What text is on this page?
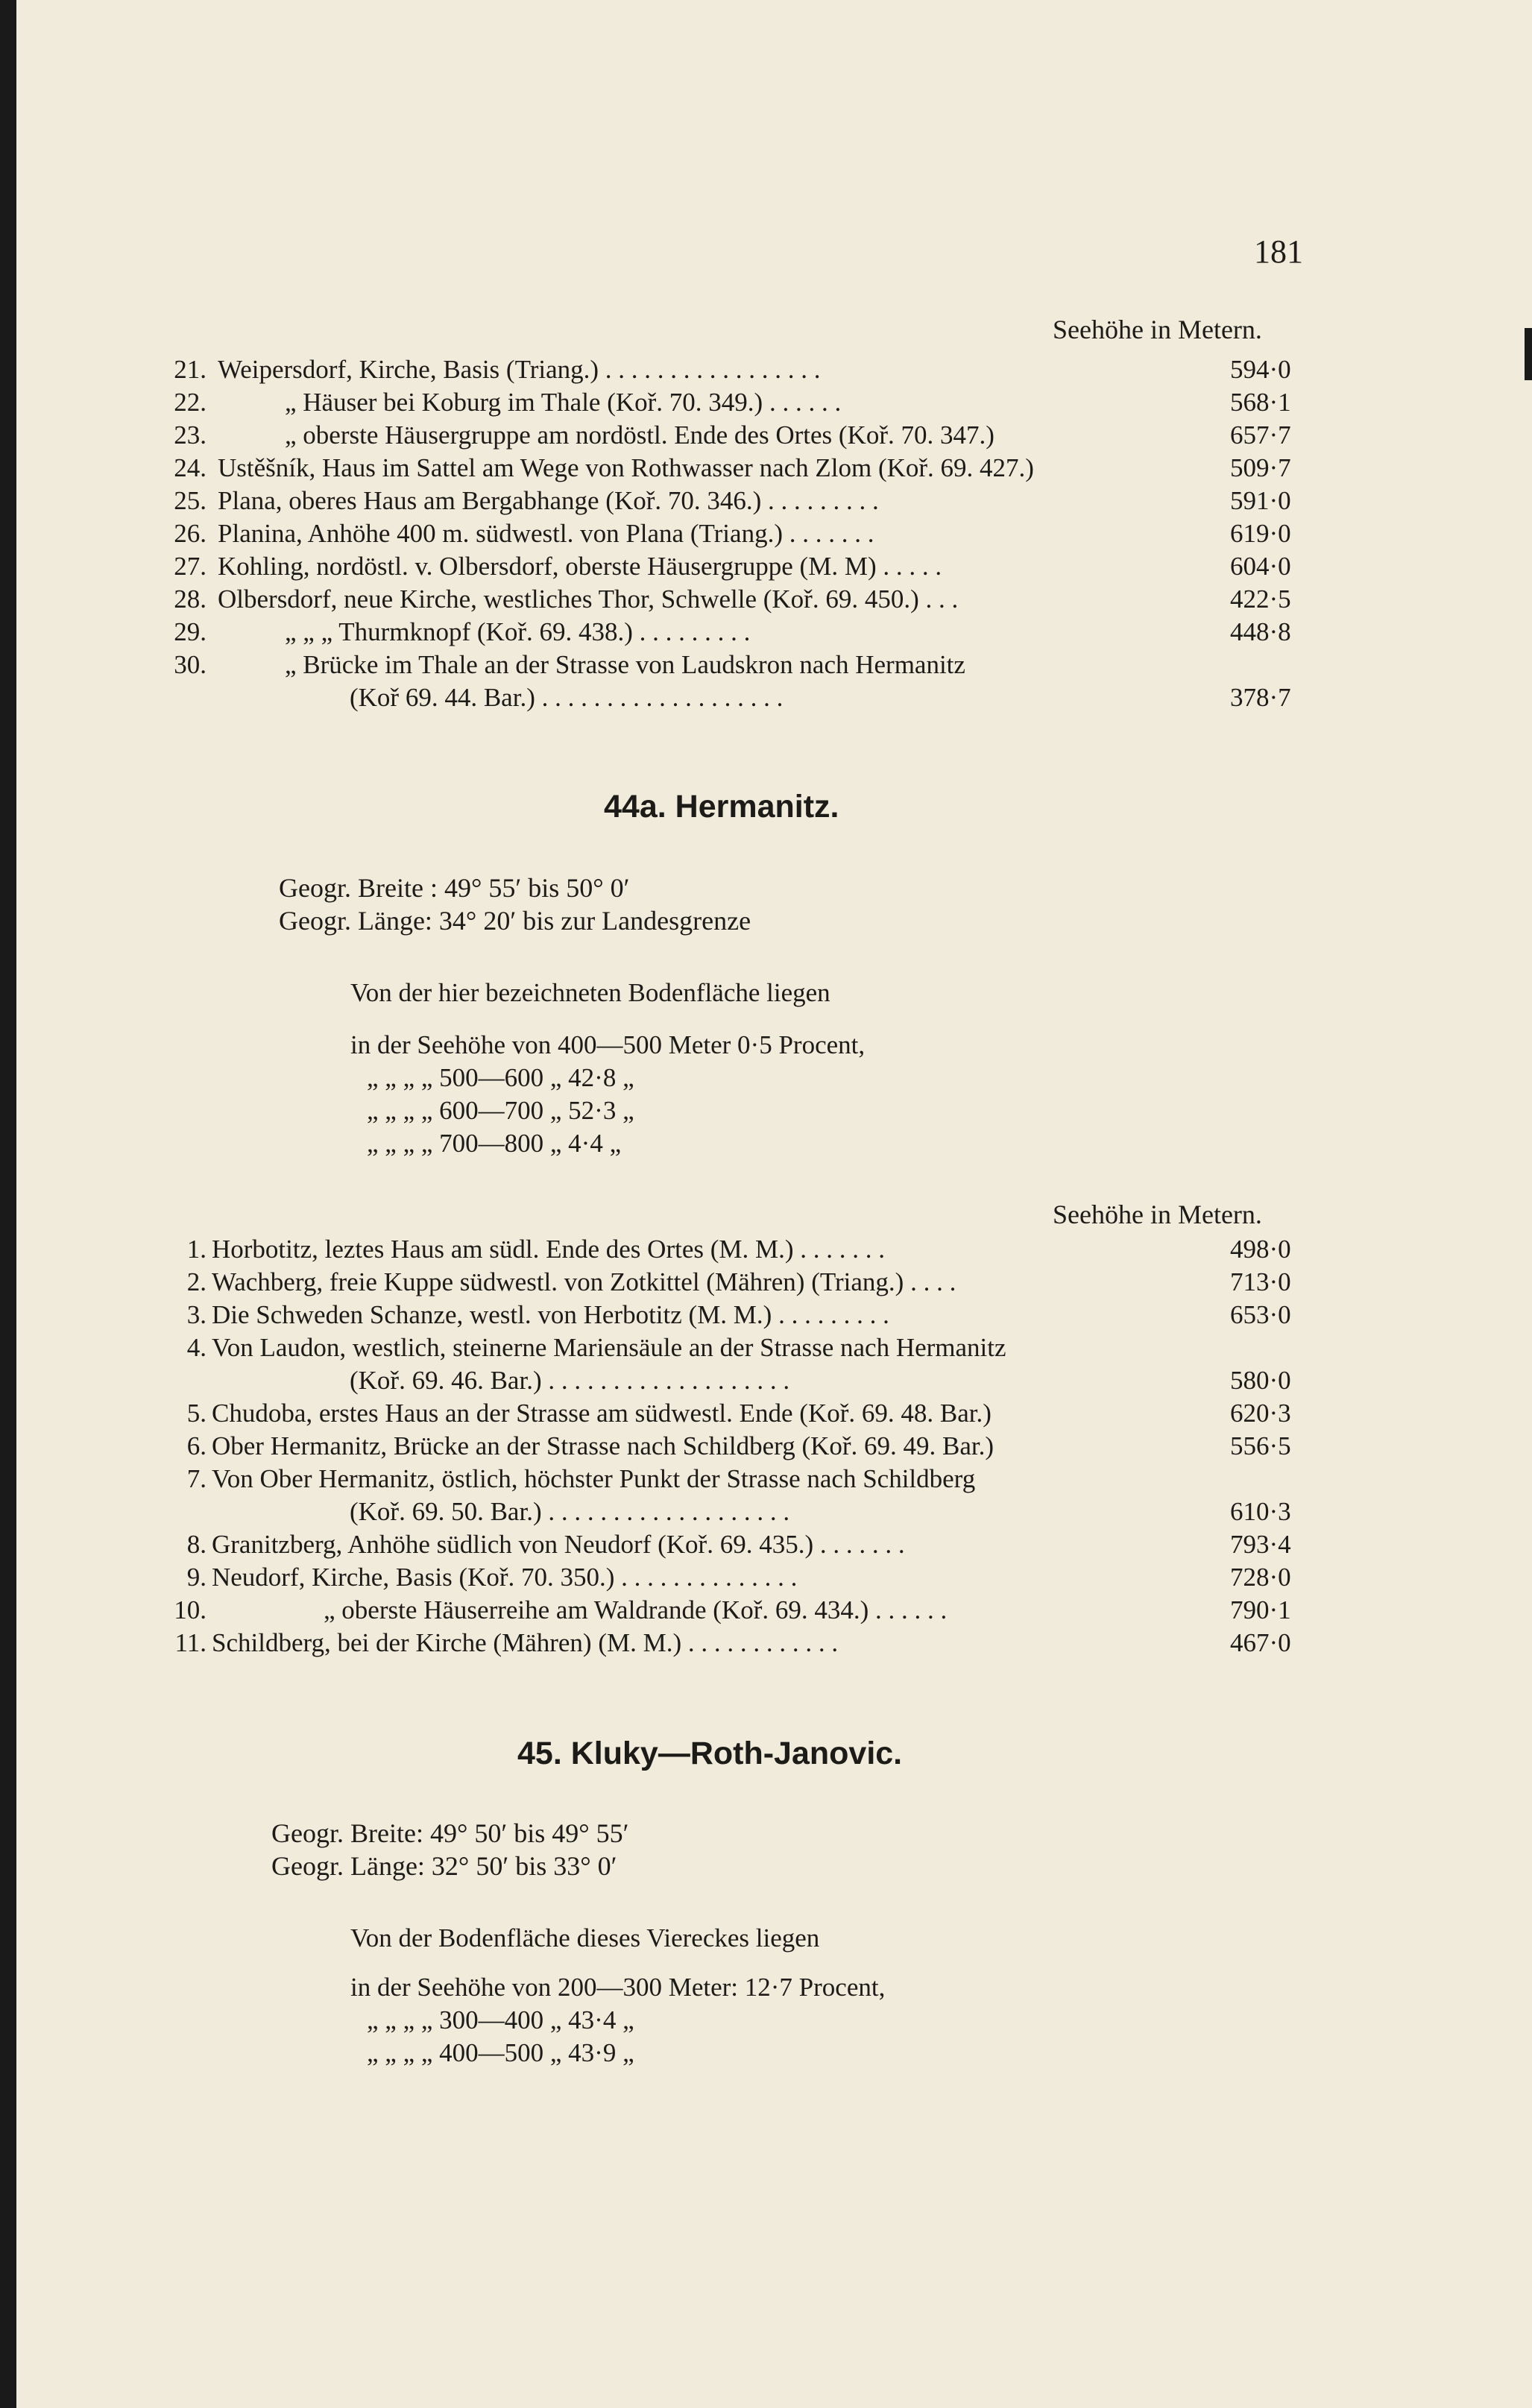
181
Seehöhe in Metern.
21. Weipersdorf, Kirche, Basis (Triang.) . . . . . . . . . . . . . . . . .	594·0
22.	„ Häuser bei Koburg im Thale (Koř. 70. 349.) . . . . . .	568·1
23.	„ oberste Häusergruppe am nordöstl. Ende des Ortes (Koř. 70. 347.)	657·7
24. Ustěšník, Haus im Sattel am Wege von Rothwasser nach Zlom (Koř. 69. 427.)	509·7
25. Plana, oberes Haus am Bergabhange (Koř. 70. 346.) . . . . . . . . .	591·0
26. Planina, Anhöhe 400 m. südwestl. von Plana (Triang.) . . . . . . .	619·0
27. Kohling, nordöstl. v. Olbersdorf, oberste Häusergruppe (M. M) . . . . .	604·0
28. Olbersdorf, neue Kirche, westliches Thor, Schwelle (Koř. 69. 450.) . . .	422·5
29.	„ „ „ Thurmknopf (Koř. 69. 438.) . . . . . . . . .	448·8
30.	„ Brücke im Thale an der Strasse von Laudskron nach Hermanitz
(Koř 69. 44. Bar.) . . . . . . . . . . . . . . . . . . .	378·7
44a. Hermanitz.
Geogr. Breite : 49° 55′ bis 50° 0′
Geogr. Länge: 34° 20′ bis zur Landesgrenze
Von der hier bezeichneten Bodenfläche liegen
in der Seehöhe von 400—500 Meter 0·5 Procent,
„ „ „ „ 500—600 „ 42·8 „
„ „ „ „ 600—700 „ 52·3 „
„ „ „ „ 700—800 „ 4·4 „
Seehöhe in Metern.
1. Horbotitz, leztes Haus am südl. Ende des Ortes (M. M.) . . . . . . .	498·0
2. Wachberg, freie Kuppe südwestl. von Zotkittel (Mähren) (Triang.) . . . .	713·0
3. Die Schweden Schanze, westl. von Herbotitz (M. M.) . . . . . . . . .	653·0
4. Von Laudon, westlich, steinerne Mariensäule an der Strasse nach Hermanitz
(Koř. 69. 46. Bar.) . . . . . . . . . . . . . . . . . . .	580·0
5. Chudoba, erstes Haus an der Strasse am südwestl. Ende (Koř. 69. 48. Bar.)	620·3
6. Ober Hermanitz, Brücke an der Strasse nach Schildberg (Koř. 69. 49. Bar.)	556·5
7. Von Ober Hermanitz, östlich, höchster Punkt der Strasse nach Schildberg
(Koř. 69. 50. Bar.) . . . . . . . . . . . . . . . . . . .	610·3
8. Granitzberg, Anhöhe südlich von Neudorf (Koř. 69. 435.) . . . . . . .	793·4
9. Neudorf, Kirche, Basis (Koř. 70. 350.) . . . . . . . . . . . . . .	728·0
10.	„ oberste Häuserreihe am Waldrande (Koř. 69. 434.) . . . . . .	790·1
11. Schildberg, bei der Kirche (Mähren) (M. M.) . . . . . . . . . . . .	467·0
45. Kluky—Roth-Janovic.
Geogr. Breite: 49° 50′ bis 49° 55′
Geogr. Länge: 32° 50′ bis 33° 0′
Von der Bodenfläche dieses Viereckes liegen
in der Seehöhe von 200—300 Meter: 12·7 Procent,
„ „ „ „ 300—400 „ 43·4 „
„ „ „ „ 400—500 „ 43·9 „
